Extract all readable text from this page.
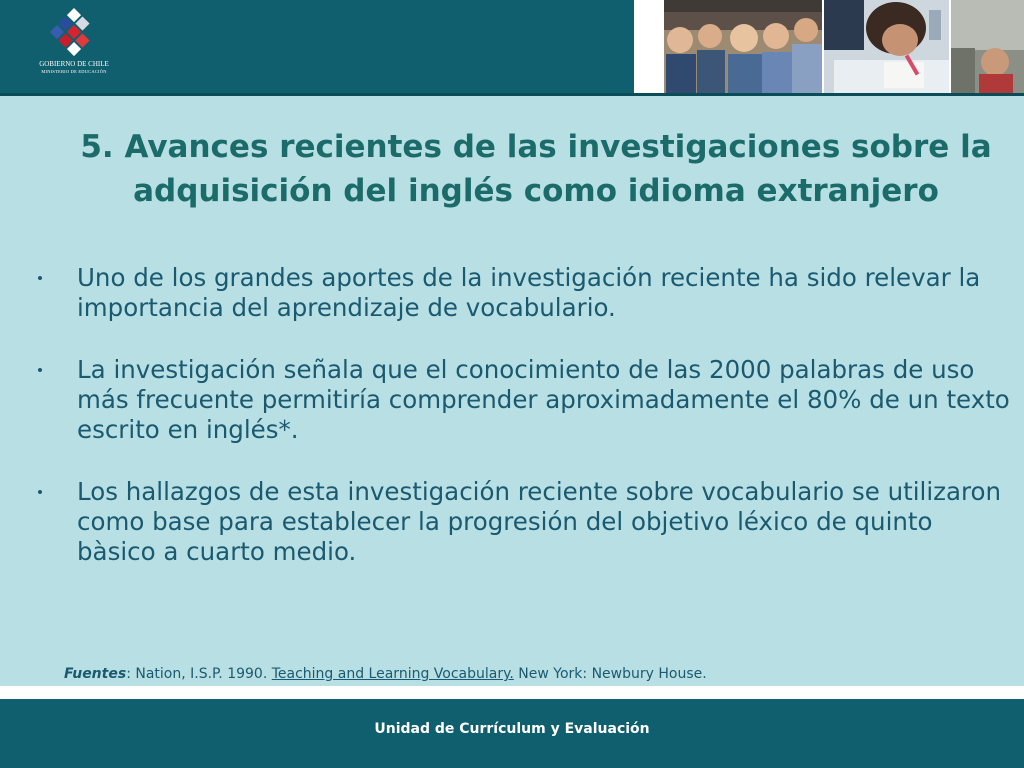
GOBIERNO DE CHILE
MINISTERIO DE EDUCACIÓN
5. Avances recientes de las investigaciones sobre la adquisición del inglés como idioma extranjero
Uno de los grandes aportes de la investigación reciente ha sido relevar la importancia del aprendizaje de vocabulario.
La investigación señala que el conocimiento de las 2000 palabras de uso más frecuente permitiría comprender aproximadamente el 80% de un texto escrito en inglés*.
Los hallazgos de esta investigación reciente sobre vocabulario se utilizaron como base para establecer la progresión del objetivo léxico de quinto bàsico a cuarto medio.
Fuentes: Nation, I.S.P. 1990. Teaching and Learning Vocabulary. New York: Newbury House.
Unidad de Currículum y Evaluación
